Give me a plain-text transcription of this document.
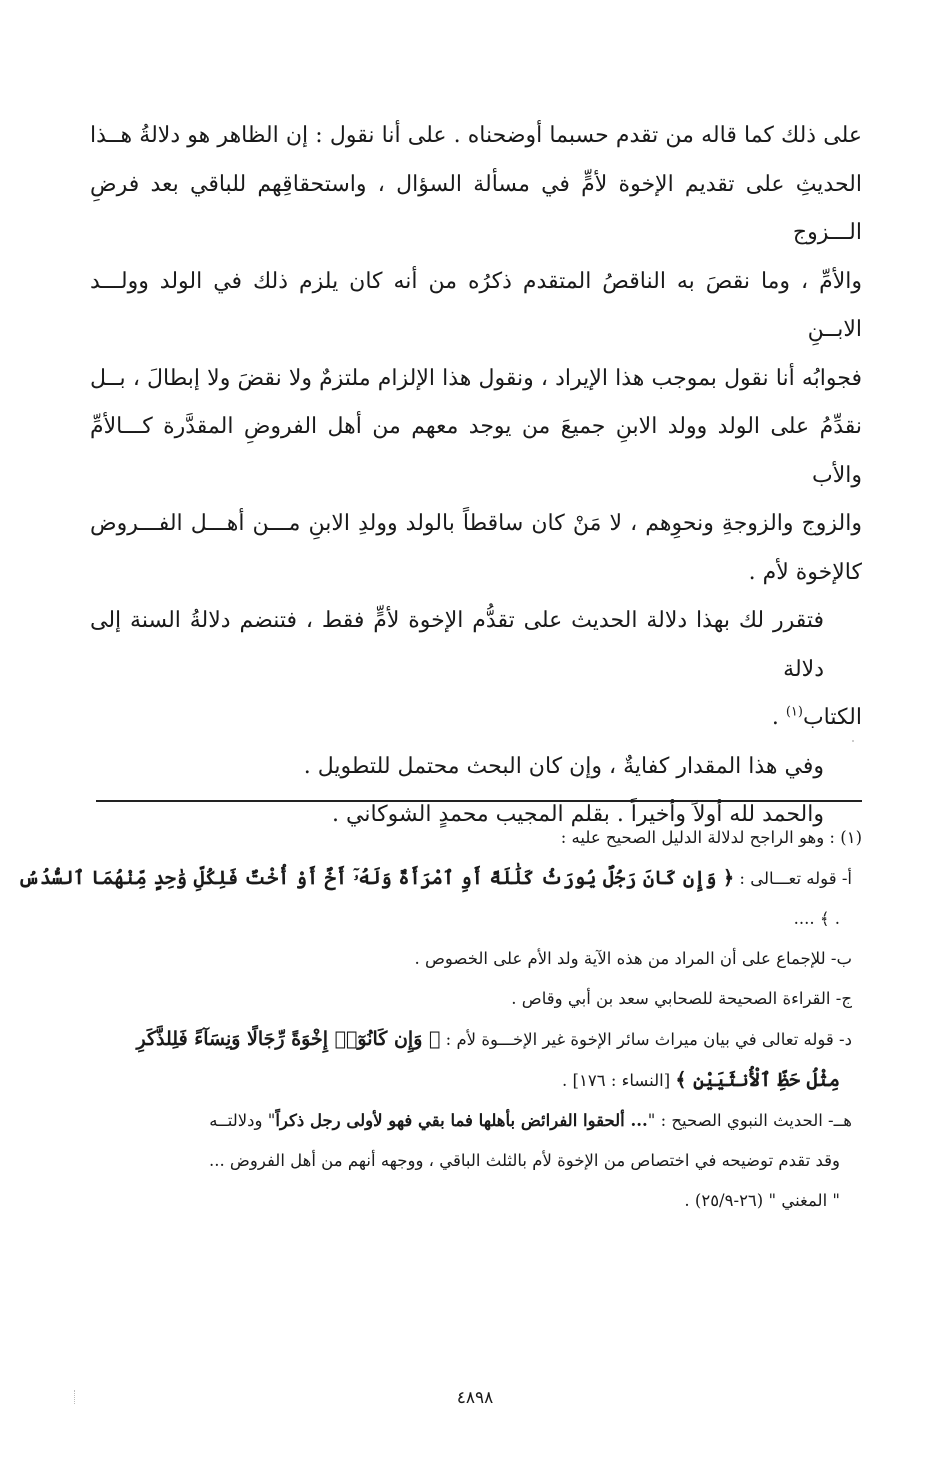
على ذلك كما قاله من تقدم حسبما أوضحناه . على أنا نقول : إن الظاهر هو دلالةُ هــذا

الحديثِ على تقديم الإخوة لأمٍّ في مسألة السؤال ، واستحقاقِهم للباقي بعد فرضِ الـــزوج

والأمِّ ، وما نقصَ به الناقصُ المتقدم ذكرُه من أنه كان يلزم ذلك في الولد وولـــد الابــنِ

فجوابُه أنا نقول بموجب هذا الإيراد ، ونقول هذا الإلزام ملتزمٌ ولا نقضَ ولا إبطالَ ، بــل

نقدِّمُ على الولد وولد الابنِ جميعَ من يوجد معهم من أهل الفروضِ المقدَّرة كـــالأمِّ والأب

والزوج والزوجةِ ونحوِهم ، لا مَنْ كان ساقطاً بالولد وولدِ الابنِ مـــن أهـــل الفـــروض

كالإخوة لأم .

فتقرر لك بهذا دلالة الحديث على تقدُّم الإخوة لأمٍّ فقط ، فتنضم دلالةُ السنة إلى دلالة

الكتاب$^{(١)}$ .

وفي هذا المقدار كفايةٌ ، وإن كان البحث محتمل للتطويل .

والحمد لله أولاً وأخيراً . بقلم المجيب محمدٍ الشوكاني .

(١) : وهو الراجح لدلالة الدليل الصحيح عليه :
أ- قوله تعـــالى : ﴿ وَإِن كَانَ رَجُلٌ يُورَثُ كَلَٰلَةً أَوِ ٱمْرَأَةٌ وَلَهُۥٓ أَخٌ أَوْ أُخْتٌ فَلِكُلِّ وَٰحِدٍ مِّنْهُمَا ٱلسُّدُسُ
. ﴾ ....
ب- للإجماع على أن المراد من هذه الآية ولد الأم على الخصوص .
ج- القراءة الصحيحة للصحابي سعد بن أبي وقاص .
د- قوله تعالى في بيان ميراث سائر الإخوة غير الإخـــوة لأم : ﴿ وَإِن كَانُوٓا۟ إِخْوَةً رِّجَالًا وَنِسَآءً فَلِلذَّكَرِ
مِثْلُ حَظِّ ٱلْأُنثَيَيْنِ ﴾ [النساء : ١٧٦] .
هــ- الحديث النبوي الصحيح : "... ألحقوا الفرائض بأهلها فما بقي فهو لأولى رجل ذكراً" ودلالتــه
وقد تقدم توضيحه في اختصاص من الإخوة لأم بالثلث الباقي ، ووجهه أنهم من أهل الفروض ...
" المغني " (٢٦-٢٥/٩) .
٤٨٩٨
